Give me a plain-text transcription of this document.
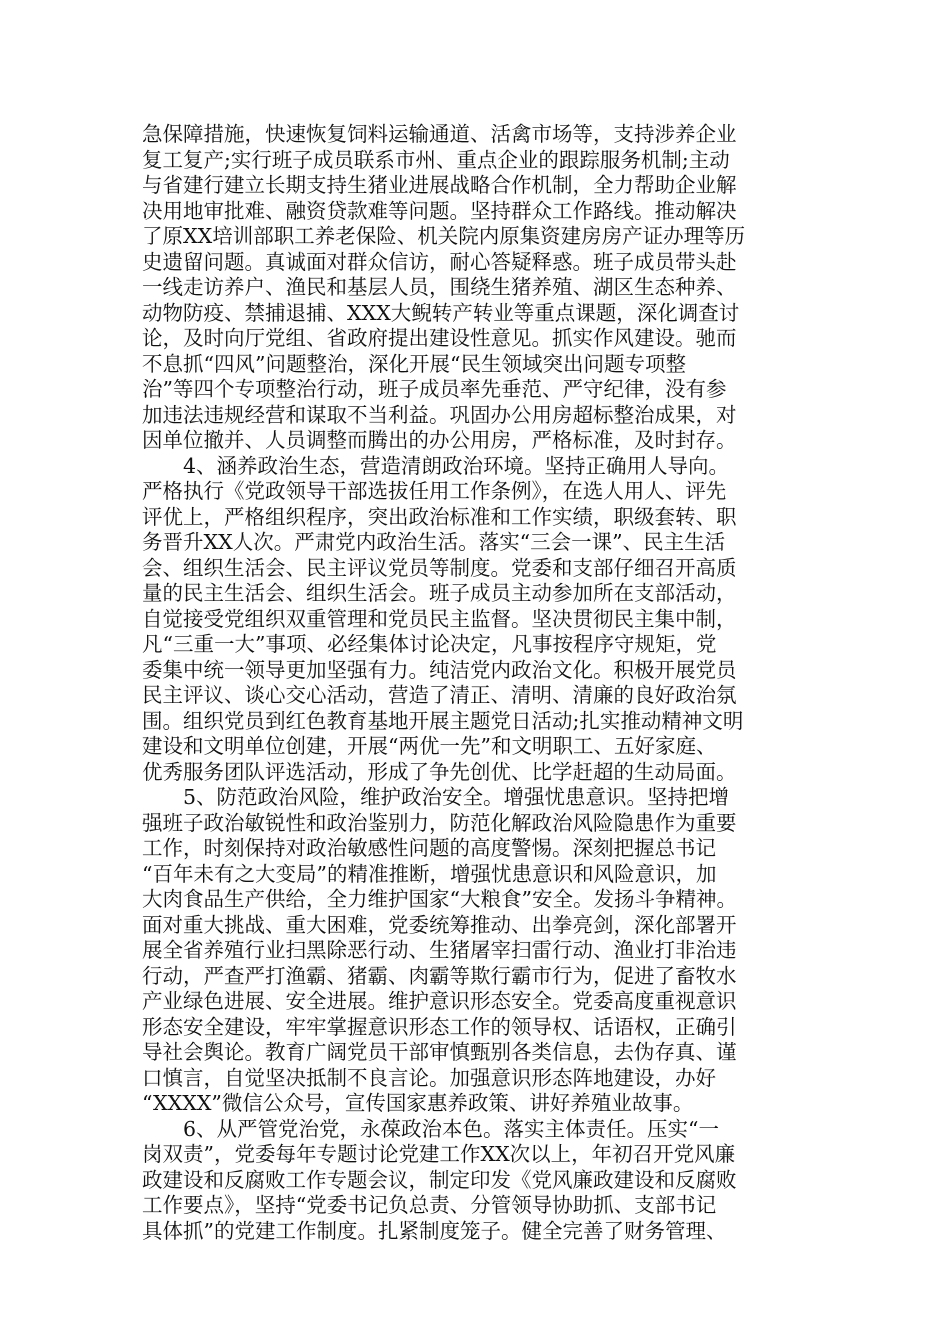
急保障措施，快速恢复饲料运输通道、活禽市场等，支持涉养企业
复工复产;实行班子成员联系市州、重点企业的跟踪服务机制;主动
与省建行建立长期支持生猪业进展战略合作机制，全力帮助企业解
决用地审批难、融资贷款难等问题。坚持群众工作路线。推动解决
了原XX培训部职工养老保险、机关院内原集资建房房产证办理等历
史遗留问题。真诚面对群众信访，耐心答疑释惑。班子成员带头赴
一线走访养户、渔民和基层人员，围绕生猪养殖、湖区生态种养、
动物防疫、禁捕退捕、XXX大鲵转产转业等重点课题，深化调查讨
论，及时向厅党组、省政府提出建设性意见。抓实作风建设。驰而
不息抓“四风”问题整治，深化开展“民生领域突出问题专项整
治”等四个专项整治行动，班子成员率先垂范、严守纪律，没有参
加违法违规经营和谋取不当利益。巩固办公用房超标整治成果，对
因单位撤并、人员调整而腾出的办公用房，严格标准，及时封存。
　　4、涵养政治生态，营造清朗政治环境。坚持正确用人导向。
严格执行《党政领导干部选拔任用工作条例》，在选人用人、评先
评优上，严格组织程序，突出政治标准和工作实绩，职级套转、职
务晋升XX人次。严肃党内政治生活。落实“三会一课”、民主生活
会、组织生活会、民主评议党员等制度。党委和支部仔细召开高质
量的民主生活会、组织生活会。班子成员主动参加所在支部活动，
自觉接受党组织双重管理和党员民主监督。坚决贯彻民主集中制，
凡“三重一大”事项、必经集体讨论决定，凡事按程序守规矩，党
委集中统一领导更加坚强有力。纯洁党内政治文化。积极开展党员
民主评议、谈心交心活动，营造了清正、清明、清廉的良好政治氛
围。组织党员到红色教育基地开展主题党日活动;扎实推动精神文明
建设和文明单位创建，开展“两优一先”和文明职工、五好家庭、
优秀服务团队评选活动，形成了争先创优、比学赶超的生动局面。
　　5、防范政治风险，维护政治安全。增强忧患意识。坚持把增
强班子政治敏锐性和政治鉴别力，防范化解政治风险隐患作为重要
工作，时刻保持对政治敏感性问题的高度警惕。深刻把握总书记
“百年未有之大变局”的精准推断，增强忧患意识和风险意识，加
大肉食品生产供给，全力维护国家“大粮食”安全。发扬斗争精神。
面对重大挑战、重大困难，党委统筹推动、出拳亮剑，深化部署开
展全省养殖行业扫黑除恶行动、生猪屠宰扫雷行动、渔业打非治违
行动，严查严打渔霸、猪霸、肉霸等欺行霸市行为，促进了畜牧水
产业绿色进展、安全进展。维护意识形态安全。党委高度重视意识
形态安全建设，牢牢掌握意识形态工作的领导权、话语权，正确引
导社会舆论。教育广阔党员干部审慎甄别各类信息，去伪存真、谨
口慎言，自觉坚决抵制不良言论。加强意识形态阵地建设，办好
“XXXX”微信公众号，宣传国家惠养政策、讲好养殖业故事。
　　6、从严管党治党，永葆政治本色。落实主体责任。压实“一
岗双责”，党委每年专题讨论党建工作XX次以上，年初召开党风廉
政建设和反腐败工作专题会议，制定印发《党风廉政建设和反腐败
工作要点》，坚持“党委书记负总责、分管领导协助抓、支部书记
具体抓”的党建工作制度。扎紧制度笼子。健全完善了财务管理、
